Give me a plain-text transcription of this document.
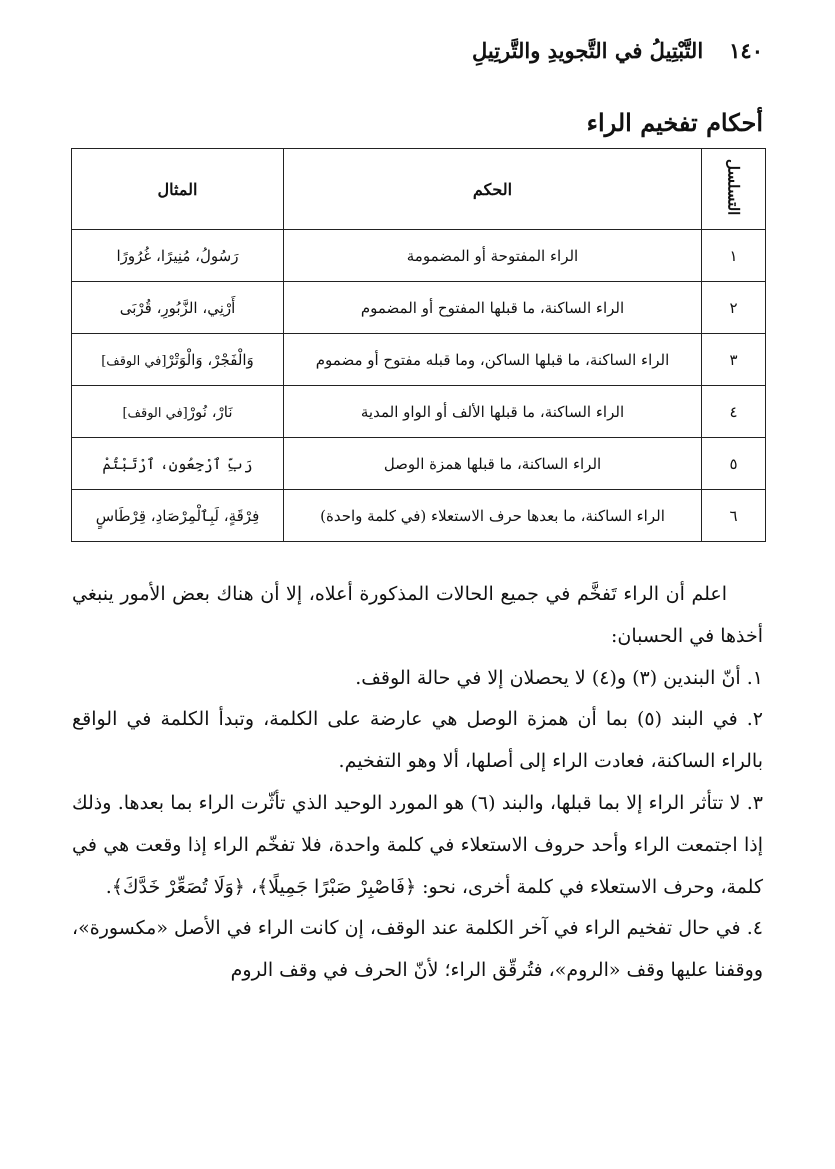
١٤٠
التَّبْتِيلُ في التَّجويدِ والتَّرتِيلِ
أحكام تفخيم الراء
التسلسل	الحكم	المثال
١	الراء المفتوحة أو المضمومة	رَسُولُ، مُنِيرًا، غُرُورًا
٢	الراء الساكنة، ما قبلها المفتوح أو المضموم	أَرْنِي، الزَّبُورِ، قُرْبَى
٣	الراء الساكنة، ما قبلها الساكن، وما قبله مفتوح أو مضموم	وَالْفَجْرْ، وَالْوَتْرْ[في الوقف]
٤	الراء الساكنة، ما قبلها الألف أو الواو المدية	نَارْ، نُورْ[في الوقف]
٥	الراء الساكنة، ما قبلها همزة الوصل	رَبِّ ٱرْجِعُونِ، ٱرْتَبْتُمْ
٦	الراء الساكنة، ما بعدها حرف الاستعلاء (في كلمة واحدة)	فِرْقَةٍ، لَبِٱلْمِرْصَادِ، قِرْطَاسٍ

اعلم أن الراء تَفخَّم في جميع الحالات المذكورة أعلاه، إلا أن هناك بعض الأمور ينبغي أخذها في الحسبان:

١. أنّ البندين (٣) و(٤) لا يحصلان إلا في حالة الوقف.

٢. في البند (٥) بما أن همزة الوصل هي عارضة على الكلمة، وتبدأ الكلمة في الواقع بالراء الساكنة، فعادت الراء إلى أصلها، ألا وهو التفخيم.

٣. لا تتأثر الراء إلا بما قبلها، والبند (٦) هو المورد الوحيد الذي تأثّرت الراء بما بعدها. وذلك إذا اجتمعت الراء وأحد حروف الاستعلاء في كلمة واحدة، فلا تفخّم الراء إذا وقعت هي في كلمة، وحرف الاستعلاء في كلمة أخرى، نحو: ﴿فَاصْبِرْ صَبْرًا جَمِيلًا﴾، ﴿وَلَا تُصَعِّرْ خَدَّكَ﴾.

٤. في حال تفخيم الراء في آخر الكلمة عند الوقف، إن كانت الراء في الأصل «مكسورة»، ووقفنا عليها وقف «الروم»، فتُرقّق الراء؛ لأنّ الحرف في وقف الروم
